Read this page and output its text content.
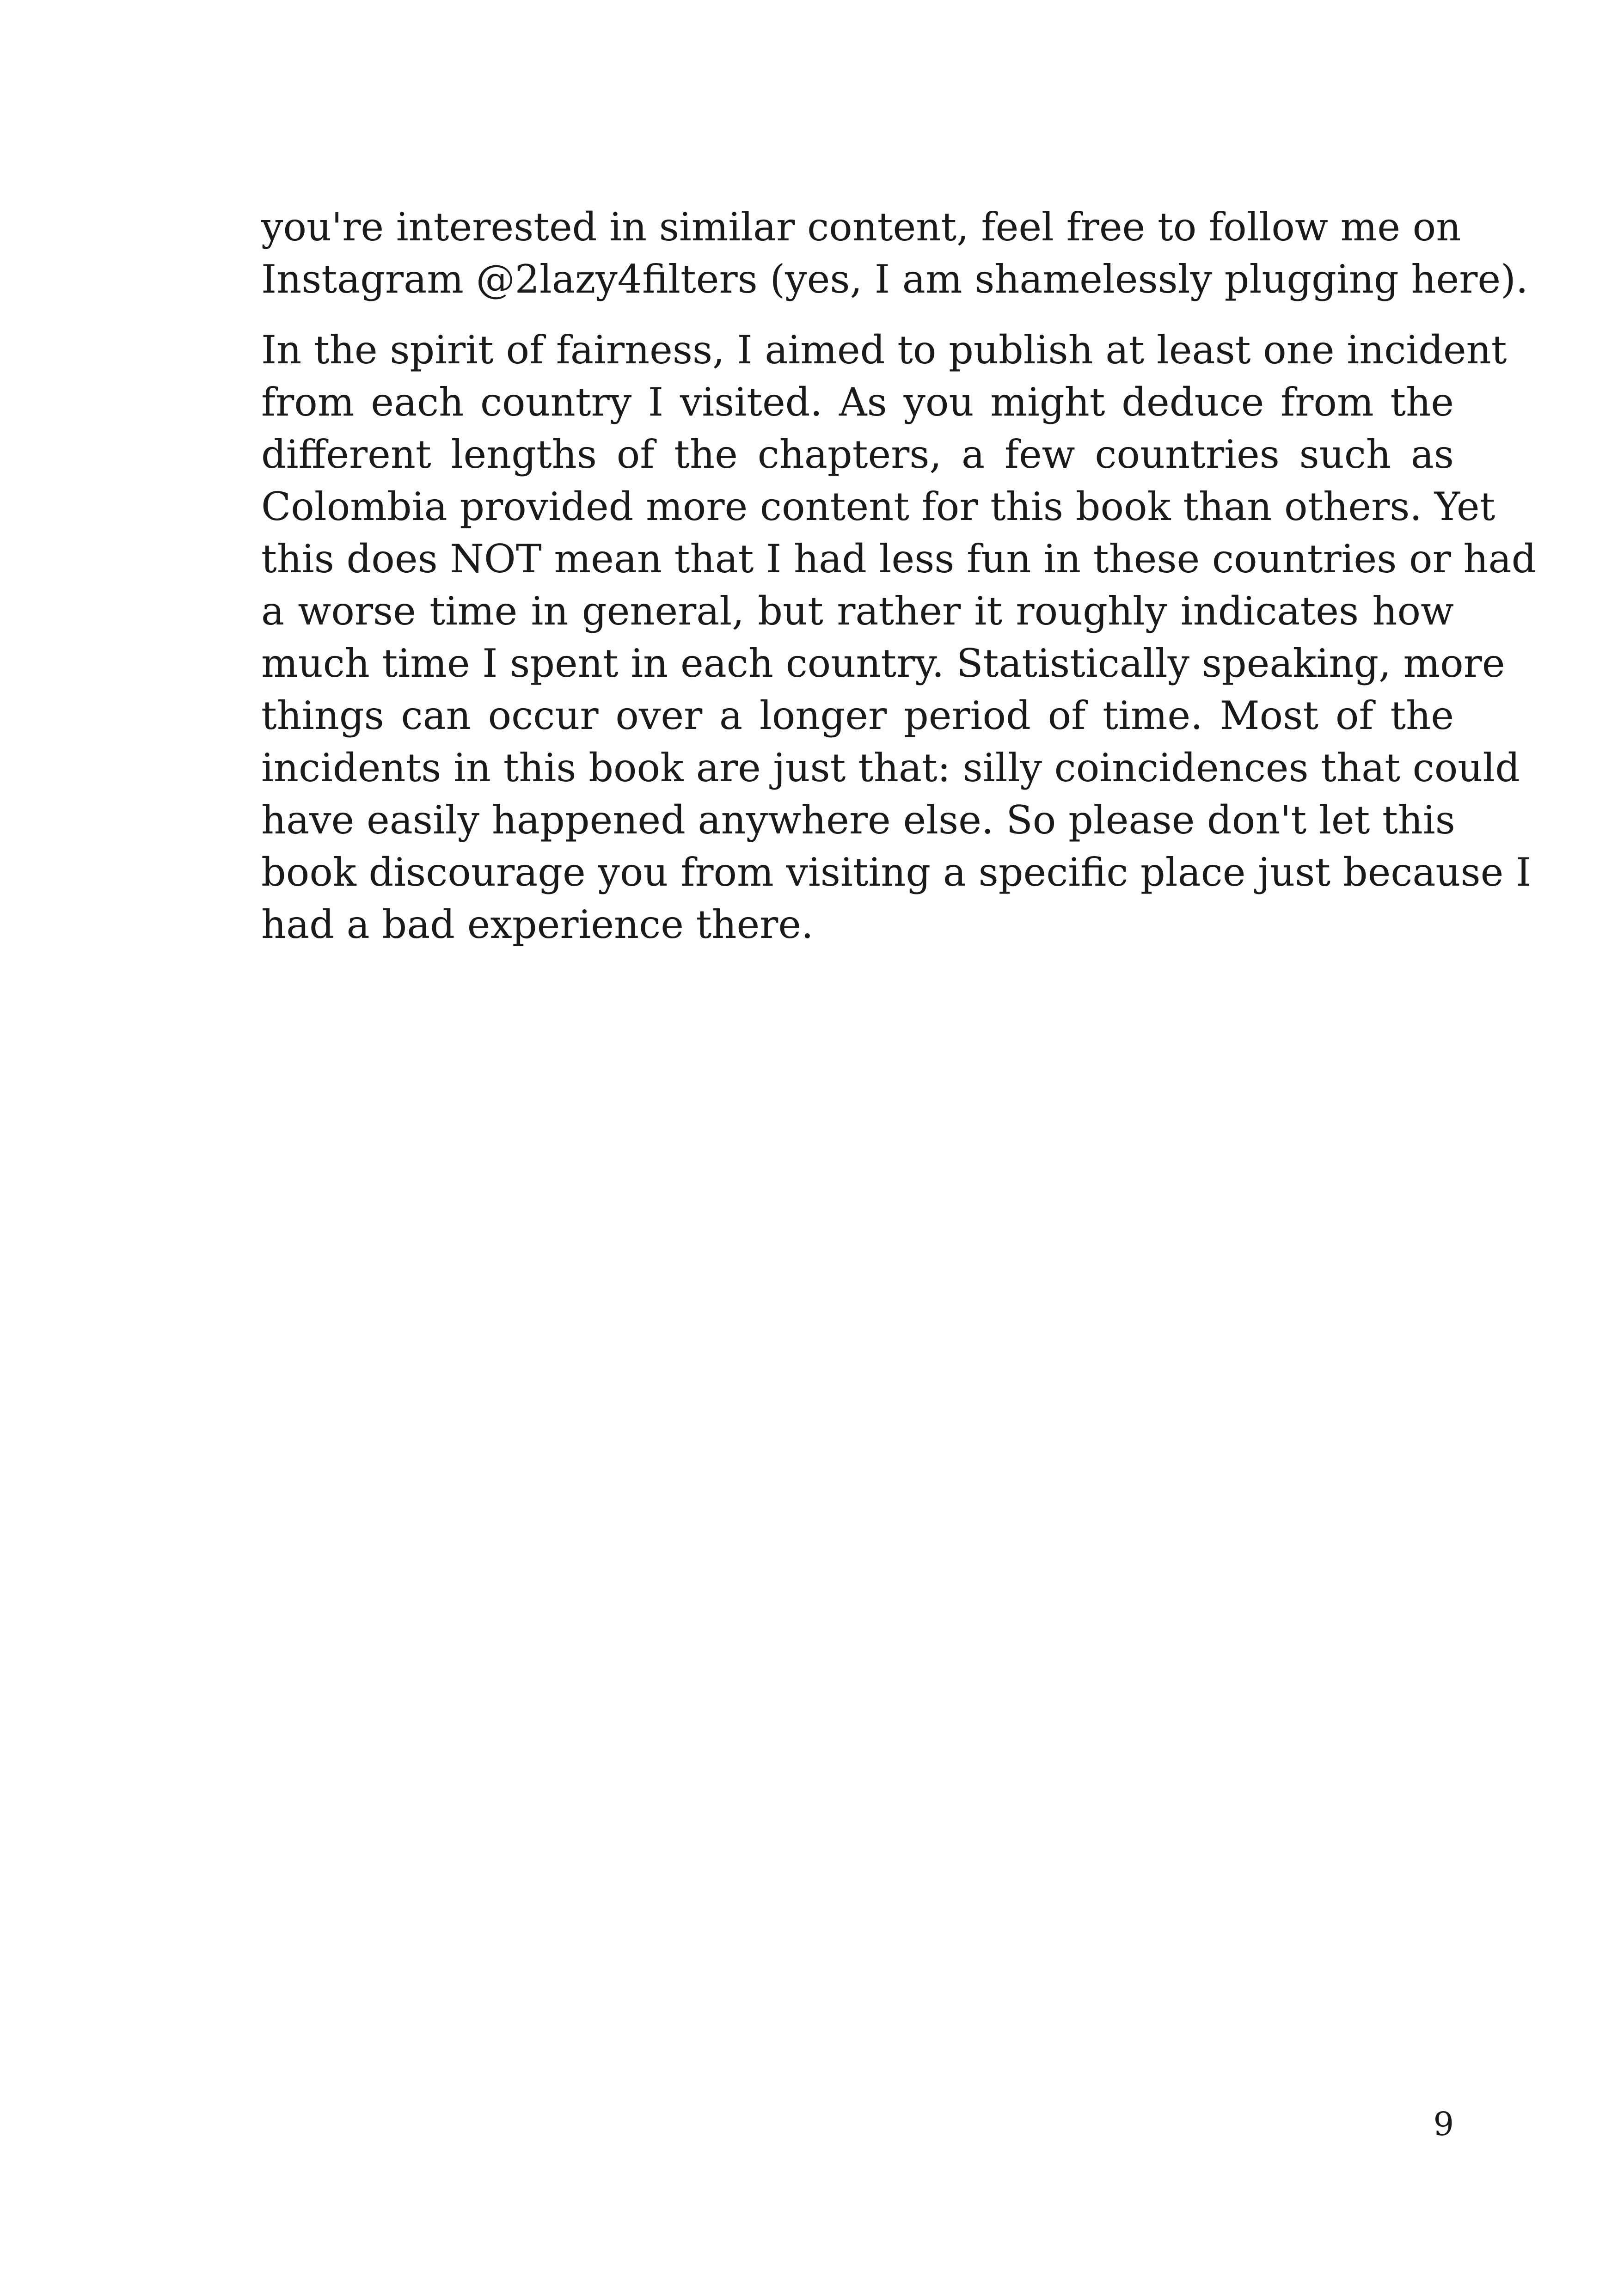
you're interested in similar content, feel free to follow me on
Instagram @2lazy4filters (yes, I am shamelessly plugging here).
In the spirit of fairness, I aimed to publish at least one incident
from each country I visited. As you might deduce from the
different lengths of the chapters, a few countries such as
Colombia provided more content for this book than others. Yet
this does NOT mean that I had less fun in these countries or had
a worse time in general, but rather it roughly indicates how
much time I spent in each country. Statistically speaking, more
things can occur over a longer period of time. Most of the
incidents in this book are just that: silly coincidences that could
have easily happened anywhere else. So please don't let this
book discourage you from visiting a specific place just because I
had a bad experience there.
9
